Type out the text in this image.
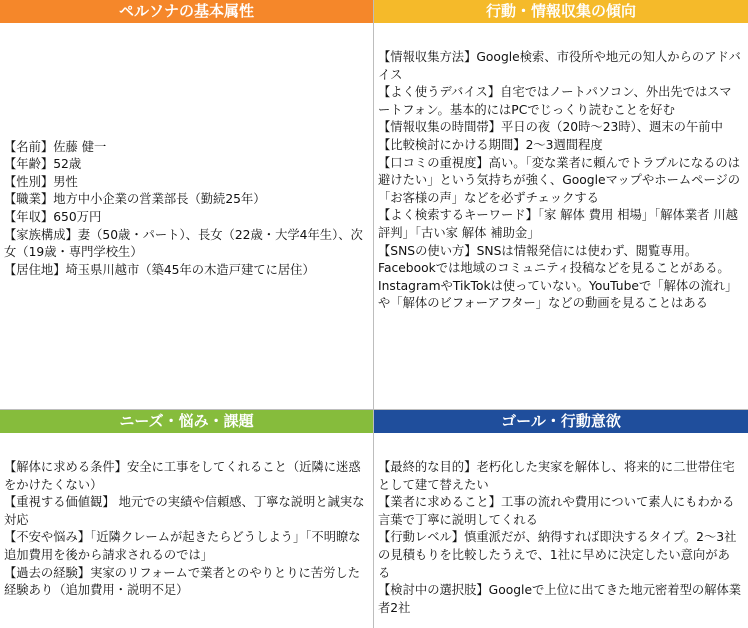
ペルソナの基本属性

【名前】佐藤 健一

【年齢】52歳

【性別】男性

【職業】地方中小企業の営業部長（勤続25年）

【年収】650万円

【家族構成】妻（50歳・パート）、長女（22歳・大学4年生）、次女（19歳・専門学校生）

【居住地】埼玉県川越市（築45年の木造戸建てに居住）

行動・情報収集の傾向

【情報収集方法】Google検索、市役所や地元の知人からのアドバイス

【よく使うデバイス】自宅ではノートパソコン、外出先ではスマートフォン。基本的にはPCでじっくり読むことを好む

【情報収集の時間帯】平日の夜（20時〜23時）、週末の午前中

【比較検討にかける期間】2〜3週間程度

【口コミの重視度】高い。「変な業者に頼んでトラブルになるのは避けたい」という気持ちが強く、Googleマップやホームページの「お客様の声」などを必ずチェックする

【よく検索するキーワード】「家 解体 費用 相場」「解体業者 川越 評判」「古い家 解体 補助金」

【SNSの使い方】SNSは情報発信には使わず、閲覧専用。Facebookでは地域のコミュニティ投稿などを見ることがある。InstagramやTikTokは使っていない。YouTubeで「解体の流れ」や「解体のビフォーアフター」などの動画を見ることはある

ニーズ・悩み・課題

【解体に求める条件】安全に工事をしてくれること（近隣に迷惑をかけたくない）

【重視する価値観】 地元での実績や信頼感、丁寧な説明と誠実な対応

【不安や悩み】「近隣クレームが起きたらどうしよう」「不明瞭な追加費用を後から請求されるのでは」

【過去の経験】実家のリフォームで業者とのやりとりに苦労した経験あり（追加費用・説明不足）

ゴール・行動意欲

【最終的な目的】老朽化した実家を解体し、将来的に二世帯住宅として建て替えたい

【業者に求めること】工事の流れや費用について素人にもわかる言葉で丁寧に説明してくれる

【行動レベル】慎重派だが、納得すれば即決するタイプ。2〜3社の見積もりを比較したうえで、1社に早めに決定したい意向がある

【検討中の選択肢】Googleで上位に出てきた地元密着型の解体業者2社
